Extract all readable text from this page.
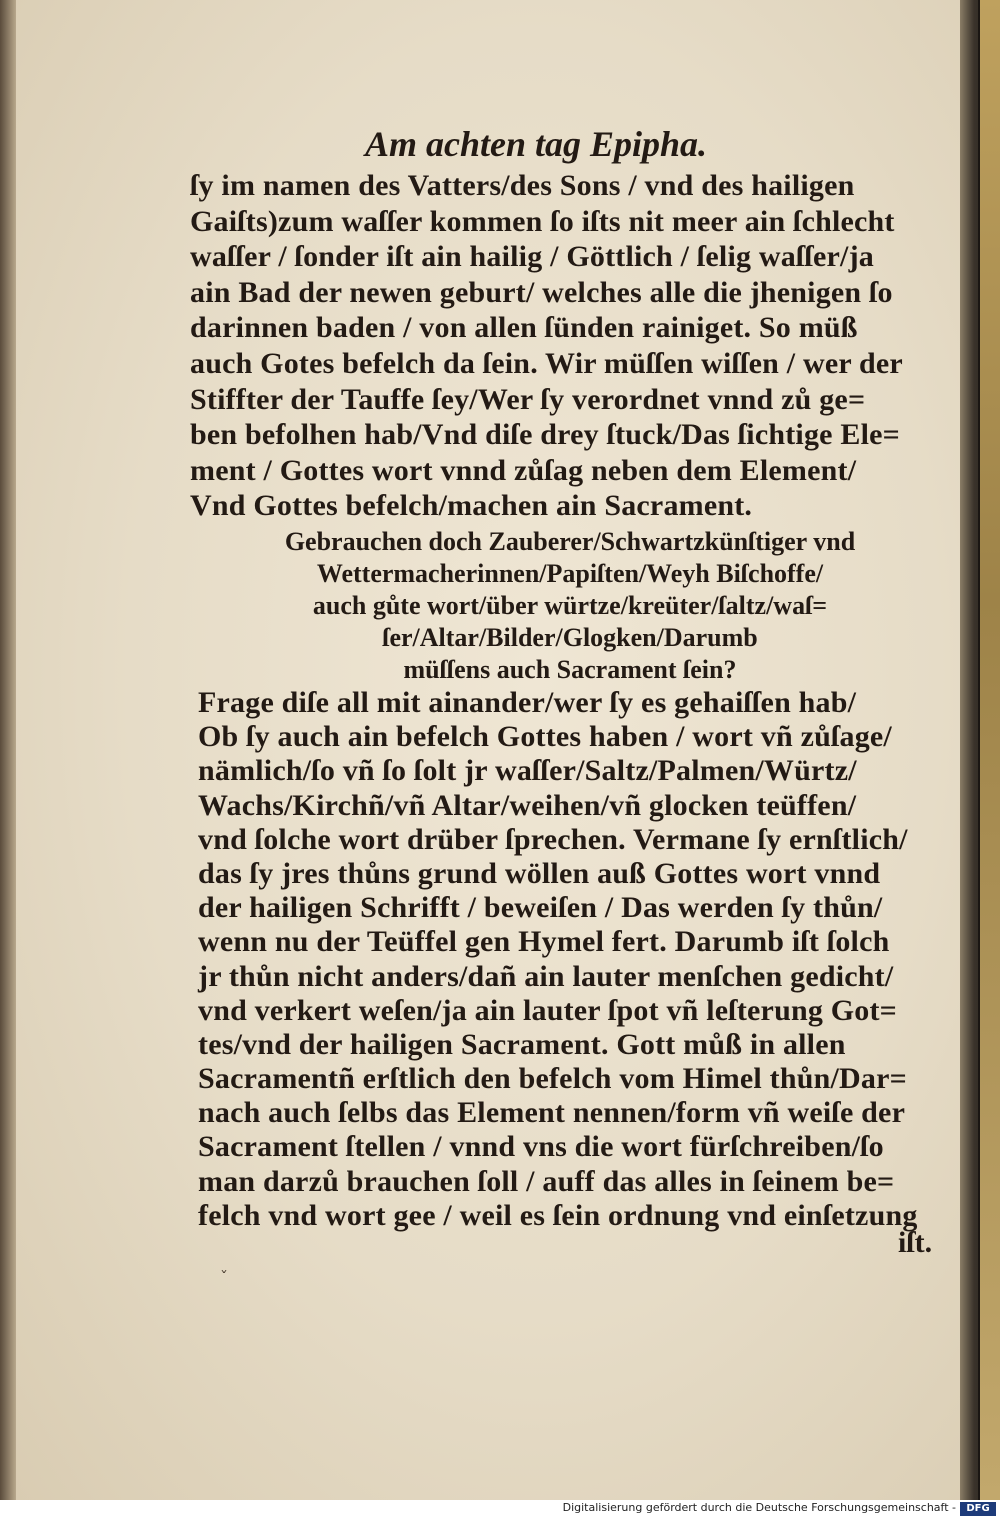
Am achten tag Epipha.
ſy im namen des Vatters/des Sons / vnd des hailigen
Gaiſts)zum waſſer kommen ſo iſts nit meer ain ſchlecht
waſſer / ſonder iſt ain hailig / Göttlich / ſelig waſſer/ja
ain Bad der newen geburt/ welches alle die jhenigen ſo
darinnen baden / von allen ſünden rainiget. So müß
auch Gotes befelch da ſein. Wir müſſen wiſſen / wer der
Stiffter der Tauffe ſey/Wer ſy verordnet vnnd zů ge=
ben befolhen hab/Vnd diſe drey ſtuck/Das ſichtige Ele=
ment / Gottes wort vnnd zůſag neben dem Element/
Vnd Gottes befelch/machen ain Sacrament.
Gebrauchen doch Zauberer/Schwartzkünſtiger vnd
Wettermacherinnen/Papiſten/Weyh Biſchoffe/
auch gůte wort/über würtze/kreüter/ſaltz/waſ=
ſer/Altar/Bilder/Glogken/Darumb
müſſens auch Sacrament ſein?
Frage diſe all mit ainander/wer ſy es gehaiſſen hab/
Ob ſy auch ain befelch Gottes haben / wort vñ zůſage/
nämlich/ſo vñ ſo ſolt jr waſſer/Saltz/Palmen/Würtz/
Wachs/Kirchñ/vñ Altar/weihen/vñ glocken teüffen/
vnd ſolche wort drüber ſprechen. Vermane ſy ernſtlich/
das ſy jres thůns grund wöllen auß Gottes wort vnnd
der hailigen Schrifft / beweiſen / Das werden ſy thůn/
wenn nu der Teüffel gen Hymel fert. Darumb iſt ſolch
jr thůn nicht anders/dañ ain lauter menſchen gedicht/
vnd verkert weſen/ja ain lauter ſpot vñ leſterung Got=
tes/vnd der hailigen Sacrament. Gott můß in allen
Sacramentñ erſtlich den befelch vom Himel thůn/Dar=
nach auch ſelbs das Element nennen/form vñ weiſe der
Sacrament ſtellen / vnnd vns die wort fürſchreiben/ſo
man darzů brauchen ſoll / auff das alles in ſeinem be=
felch vnd wort gee / weil es ſein ordnung vnd einſetzung
iſt.
ˇ
Digitalisierung gefördert durch die Deutsche Forschungsgemeinschaft -	DFG
